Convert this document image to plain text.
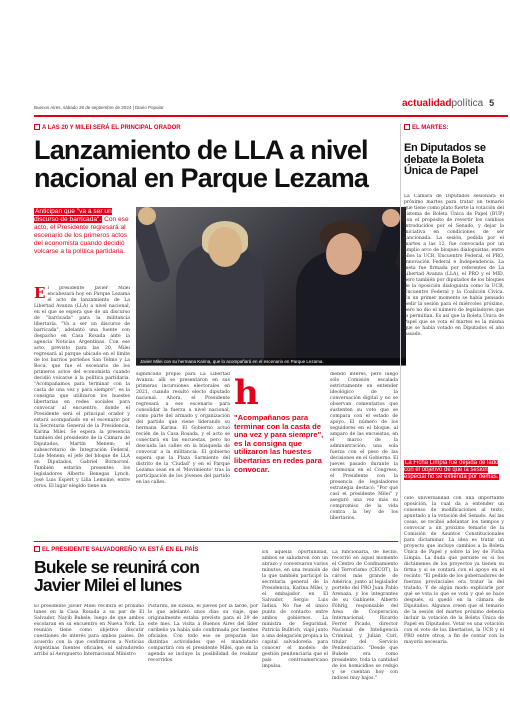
Buenos Aires, sábado 28 de septiembre de 2024 | Diario Popular	actualidadpolítica 5
A LAS 20 Y MILEI SERÁ EL PRINCIPAL ORADOR
Lanzamiento de LLA a nivel
nacional en Parque Lezama
Anticipan que "va a ser un discurso de barricada". Con ese acto, el Presidente regresará al escenario de los primeros actos del economista cuando decidió volcarse a la política partidaria.
El presidente Javier Milei encabezará hoy en Parque Lezama el acto de lanzamiento de La Libertad Avanza (LLA) a nivel nacional, en el que se espera que dé un discurso de "barricada" para la militancia libertaria. "Va a ser un discurso de barricada", adelantó una fuente con despacho en Casa Rosada ante la agencia Noticias Argentinas. Con ese acto, previsto para las 20, Milei regresará al parque ubicado en el límite de los barrios porteños San Telmo y La Boca, que fue el escenario de los primeros actos del economista cuando decidió volcarse a la política partidaria. "Acompañamos para terminar con la casta de una vez y para siempre", es la consigna que utilizaron los huestes libertarias en redes sociales para convocar al encuentro, donde el Presidente será el principal orador y estará acompañado en el escenario por la Secretaria General de la Presidencia, Karina Milei. Se espera la presencia también del presidente de la Cámara de Diputados, Martín Menem; el subsecretario de Integración Federal, Lule Menem; el jefe del bloque de LLA en Diputados, Gabriel Bornoroni. También estarán presentes los legisladores Alberto Benegas Lynch, José Luis Espert y Lilia Lemoine, entre otros. El lugar elegido tiene un
Javier Milei con su hermana Karina, que lo acompañará en el escenario en Parque Lezama.
significado propio para La Libertad Avanza: allí se presentaron en sus primeras incursiones electorales en 2021, cuando resultó electo diputado nacional. Ahora, el Presidente regresará a ese escenario para consolidar la fuerza a nivel nacional, como parte del armado y organización del partido que viene liderando su hermana Karina. El Gobierno actuó recién de la Casa Rosada, y el acto se conectará en las encuestas, pero no descuida las calles en la búsqueda de convocar a la militancia. El gobierno espera que la Plaza Sarmiento del distrito de la 'Ciudad' y en el Parque Lezama sean en el 'Movimiento' tras la participación de los jóvenes del partido en las calles.
h
"Acompañanos para terminar con la casta de una vez y para siempre", es la consigna que utilizaron las huestes libertarias en redes para convocar.
diendo interés, pero luego sólo Comisión escalada estrictamente en entender ideológico de la conversación digital y no se observan comentarios que sustenten su voto que se compara con el estado de apoyo. El número de los seguidores en el bloque, al amparo de las encuestas, en el marco de la administración, una sola fuerza con el peso de las decisiones en el Gobierno. El jueves pasado durante la ceremonia en el Congreso, el Presidente con la presencia de legisladores estrategia destacó: "Por qué casi el presidente Milei" y aseguró una vez más su compromiso de la vida contra la ley de los libertarios.
EL MARTES:
En Diputados se debate la Boleta Única de Papel
La Cámara de Diputados sesionará el próximo martes para tratar un temario que tiene como plato fuerte la votación del sistema de Boleta Única de Papel (BUP) con el propósito de revertir los cambios introducidos por el Senado, y dejar la iniciativa en condiciones de ser sancionada. La sesión, pedida por el martes a las 12, fue convocada por un amplio arco de bloques dialoguistas, entre ellos la UCR, Encuentro Federal, el PRO, Innovación Federal e Independencia. La meta fue firmada por referentes de La Libertad Avanza (LLA), el PRO y el MID, pero también por diputados de los bloques de la oposición dialoguista como la UCR, Encuentro Federal y la Coalición Cívica. En un primer momento se había pensado pedir la sesión para el miércoles próximo, pero no dio el número de legisladores que lo permitían. Es así que la Boleta Única de Papel que se vota el martes es la misma que se había votado en Diputados el año pasado.
La Ficha Limpia fue dejada de lado con el objetivo de que la sesión especial no se extienda por demás.
cido universalidad con una importante oposición, la cual da a entender un consenso de modificaciones al texto, apuntado a la votación del Senado. Así las cosas, se recibió adelantar los tiempos y convocar a un próximo temario de la Comisión de Asuntos Constitucionales para dictaminar. La idea es tratar un proyecto que incluye cambios a la Boleta Única de Papel y sobre la ley de Ficha Limpia. La duda que persiste es si los dictámenes de los proyectos ya tienen su firma y si se contará con el apoyo en el recinto. "El pedido de los gobernadores de fuerzas provinciales era tratar la del tratado. Y de algún modo explicarle por qué se vota lo que se vota y qué se hace después, si quedó en la cámara de Diputados. Algunos creen que el temario de la sesión del martes próximo debería incluir la votación de la Boleta Única de Papel en Diputados. Votar es una votación con el voto de los libertarios, la UCR y el PRO entre otros, a fin de contar con la mayoría necesaria.
EL PRESIDENTE SALVADOREÑO YA ESTÁ EN EL PAÍS
Bukele se reunirá con
Javier Milei el lunes
El presidente Javier Milei recibirá el próximo lunes en la Casa Rosada a su par de El Salvador, Nayib Bukele, luego de que ambos escolaran en su encuentro en Nueva York. La reunión tiene como objetivo discutir cuestiones de interés para ambos países. De acuerdo con la que confirmaron a Noticias Argentinas fuentes oficiales, el salvadoreño arribó al Aeropuerto Internacional Ministro
Pistarini, de Ezeiza, el jueves por la tarde, por lo que adelantó unos días su viaje, que originalmente estaba previsto para el 29 de este mes. La visita a Buenos Aires del líder caribeño ya había sido confirmada por fuentes oficiales. Con todo eso se preparan las distintas actividades que el mandatario compartirá con el presidente Milei, que en la agenda se incluye la posibilidad de realizar recorridos.
En aquella oportunidad, ambos se saludaron con un abrazo y conversaron varios minutos, en una reunión de la que también participó la secretaria general de la Presidencia, Karina Milei, y el embajador en El Salvador, Sergio Luis Iadisa. No fue el único punto de contacto entre ambos gobiernos. La ministra de Seguridad, Patricia Bullrich, viajó junto a una delegación propia a la capital salvadoreña para conocer el modelo de gestión penitenciaria que el país centroamericano impulsa.
La funcionaria, de hecho, recorrió en aquel momento el Centro de Confinamiento del Terrorismo (CECOT), la cárcel más grande de América, junto al legislador porteño del PRO Juan Pablo Arenaza, y los integrantes de su Gabinete, Alberto Föhrig, responsable del Área de Cooperación Internacional, Ricardo Ferrer Picado, director Nacional de Inteligencia Criminal, y Julián Curi, titular del Servicio Penitenciario. "Desde que Bukele era como presidente, toda la cantidad de los homicidios se redujo y se cuentan hoy con índices muy bajos."
